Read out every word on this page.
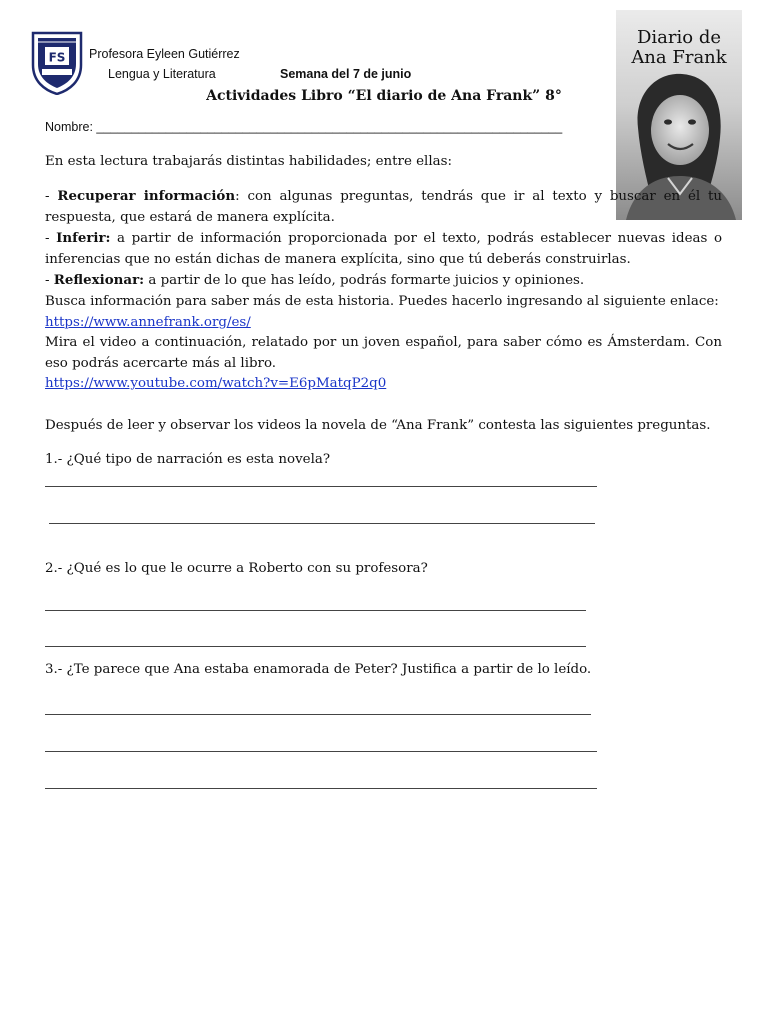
FS Profesora Eyleen Gutiérrez
Lengua y Literatura	Semana del 7 de junio
Actividades Libro “El diario de Ana Frank” 8°
Diario de
Ana Frank
Nombre: ___________________________________________________________________

En esta lectura trabajarás distintas habilidades; entre ellas:

- Recuperar información: con algunas preguntas, tendrás que ir al texto y buscar en él tu respuesta, que estará de manera explícita.
- Inferir: a partir de información proporcionada por el texto, podrás establecer nuevas ideas o inferencias que no están dichas de manera explícita, sino que tú deberás construirlas.
- Reflexionar: a partir de lo que has leído, podrás formarte juicios y opiniones.
Busca información para saber más de esta historia. Puedes hacerlo ingresando al siguiente enlace:
https://www.annefrank.org/es/
Mira el video a continuación, relatado por un joven español, para saber cómo es Ámsterdam. Con eso podrás acercarte más al libro.
https://www.youtube.com/watch?v=E6pMatqP2q0

Después de leer y observar los videos la novela de “Ana Frank” contesta las siguientes preguntas.

1.- ¿Qué tipo de narración es esta novela?

2.- ¿Qué es lo que le ocurre a Roberto con su profesora?

3.- ¿Te parece que Ana estaba enamorada de Peter? Justifica a partir de lo leído.
